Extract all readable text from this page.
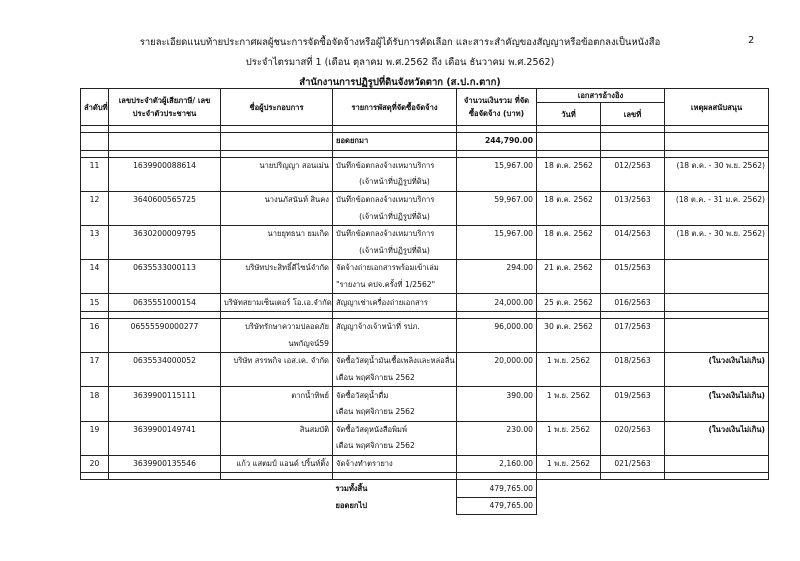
รายละเอียดแนบท้ายประกาศผลผู้ชนะการจัดซื้อจัดจ้างหรือผู้ได้รับการคัดเลือก และสาระสำคัญของสัญญาหรือข้อตกลงเป็นหนังสือ	2
ประจำไตรมาสที่ 1 (เดือน ตุลาคม พ.ศ.2562 ถึง เดือน ธันวาคม พ.ศ.2562)
สำนักงานการปฏิรูปที่ดินจังหวัดตาก (ส.ป.ก.ตาก)
ลำดับที่	เลขประจำตัวผู้เสียภาษี/ เลขประจำตัวประชาชน	ชื่อผู้ประกอบการ	รายการพัสดุที่จัดซื้อจัดจ้าง	จำนวนเงินรวม ที่จัดซื้อจัดจ้าง (บาท)	เอกสารอ้างอิง		เหตุผลสนับสนุน
					วันที่	เลขที่	

			ยอดยกมา	244,790.00			

11	1639900088614	นายปริญญา สอนเม่น	บันทึกข้อตกลงจ้างเหมาบริการ	15,967.00	18 ต.ค. 2562	012/2563	(18 ต.ค. - 30 พ.ย. 2562)
			(เจ้าหน้าที่ปฏิรูปที่ดิน)				
12	3640600565725	นางนภัสนันท์ สินคง	บันทึกข้อตกลงจ้างเหมาบริการ	59,967.00	18 ต.ค. 2562	013/2563	(18 ต.ค. - 31 ม.ค. 2562)
			(เจ้าหน้าที่ปฏิรูปที่ดิน)				
13	3630200009795	นายยุทธนา ยมเกิด	บันทึกข้อตกลงจ้างเหมาบริการ	15,967.00	18 ต.ค. 2562	014/2563	(18 ต.ค. - 30 พ.ย. 2562)
			(เจ้าหน้าที่ปฏิรูปที่ดิน)				
14	0635533000113	บริษัทประสิทธิ์ดีไซน์จำกัด	จัดจ้างถ่ายเอกสารพร้อมเข้าเล่ม	294.00	21 ต.ค. 2562	015/2563	
			"รายงาน คปจ.ครั้งที่ 1/2562"				
15	0635551000154	บริษัทสยามเซ็นเตอร์ โอ.เอ.จำกัด	สัญญาเช่าเครื่องถ่ายเอกสาร	24,000.00	25 ต.ค. 2562	016/2563	

16	06555590000277	บริษัทรักษาความปลอดภัย	สัญญาจ้างเจ้าหน้าที่ รปภ.	96,000.00	30 ต.ค. 2562	017/2563	
		นพกัญจน์59					
17	0635534000052	บริษัท สรรพกิจ เอส.เค. จำกัด	จัดซื้อวัสดุน้ำมันเชื้อเพลิงและหล่อลื่น	20,000.00	1 พ.ย. 2562	018/2563	(ในวงเงินไม่เกิน)
			เดือน พฤศจิกายน 2562				
18	3639900115111	ตากน้ำทิพย์	จัดซื้อวัสดุน้ำดื่ม	390.00	1 พ.ย. 2562	019/2563	(ในวงเงินไม่เกิน)
			เดือน พฤศจิกายน 2562				
19	3639900149741	สินสมบัติ	จัดซื้อวัสดุหนังสือพิมพ์	230.00	1 พ.ย. 2562	020/2563	(ในวงเงินไม่เกิน)
			เดือน พฤศจิกายน 2562				
20	3639900135546	แก้ว แสตมป์ แอนด์ ปริ้นท์ติ้ง	จัดจ้างทำตรายาง	2,160.00	1 พ.ย. 2562	021/2563	

			รวมทั้งสิ้น	479,765.00			
			ยอดยกไป	479,765.00			
